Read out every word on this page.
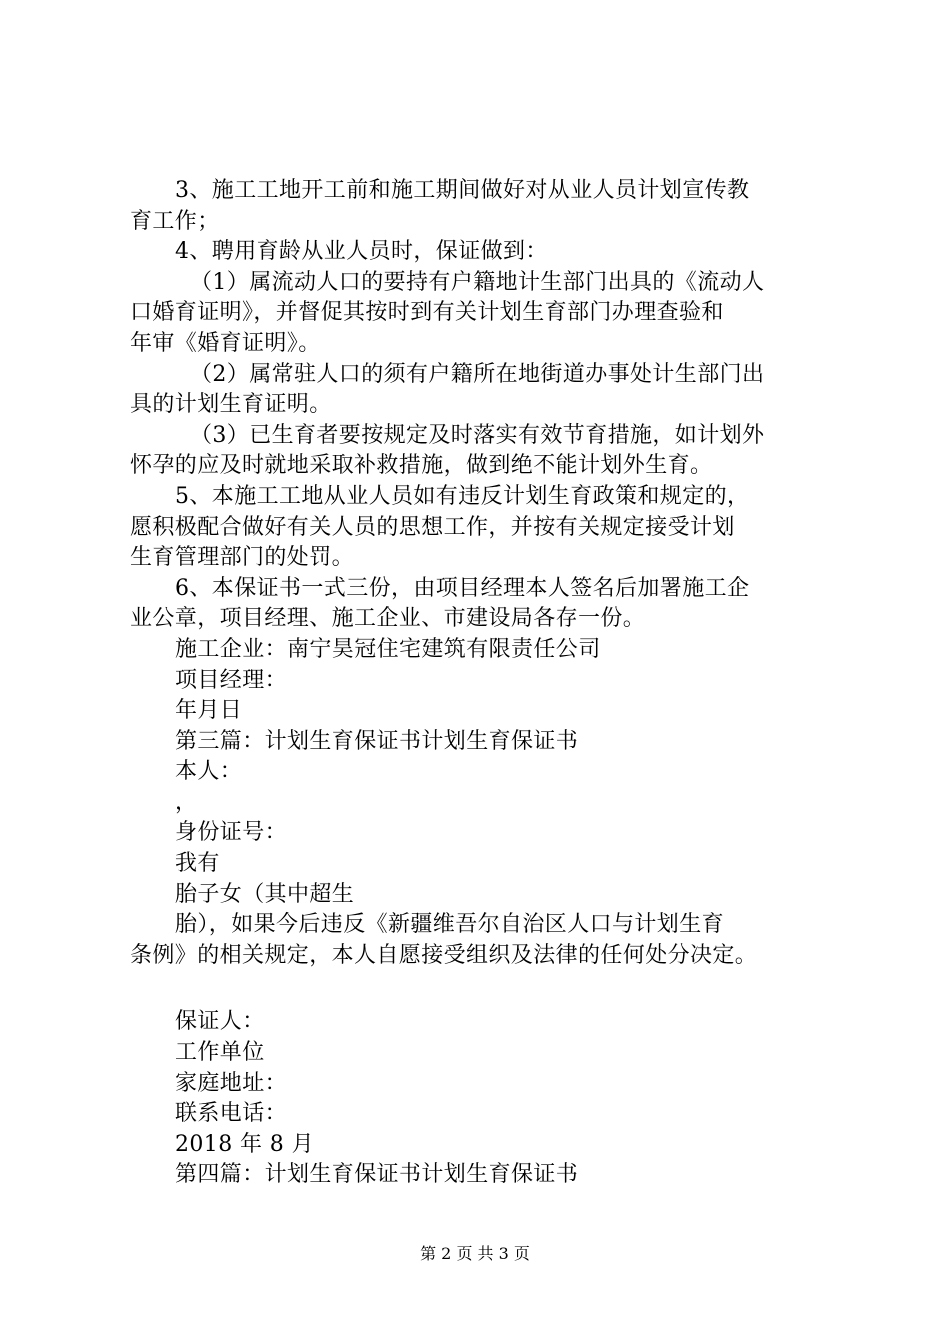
3、施工工地开工前和施工期间做好对从业人员计划宣传教
育工作；
4、聘用育龄从业人员时，保证做到：
（1）属流动人口的要持有户籍地计生部门出具的《流动人
口婚育证明》，并督促其按时到有关计划生育部门办理查验和
年审《婚育证明》。
（2）属常驻人口的须有户籍所在地街道办事处计生部门出
具的计划生育证明。
（3）已生育者要按规定及时落实有效节育措施，如计划外
怀孕的应及时就地采取补救措施，做到绝不能计划外生育。
5、本施工工地从业人员如有违反计划生育政策和规定的，
愿积极配合做好有关人员的思想工作，并按有关规定接受计划
生育管理部门的处罚。
6、本保证书一式三份，由项目经理本人签名后加署施工企
业公章，项目经理、施工企业、市建设局各存一份。
施工企业：南宁昊冠住宅建筑有限责任公司
项目经理：
年月日
第三篇：计划生育保证书计划生育保证书
本人：
，
身份证号：
我有
胎子女（其中超生
胎），如果今后违反《新疆维吾尔自治区人口与计划生育
条例》的相关规定，本人自愿接受组织及法律的任何处分决定。
保证人：
工作单位
家庭地址：
联系电话：
2018 年 8 月
第四篇：计划生育保证书计划生育保证书
第 2 页 共 3 页
